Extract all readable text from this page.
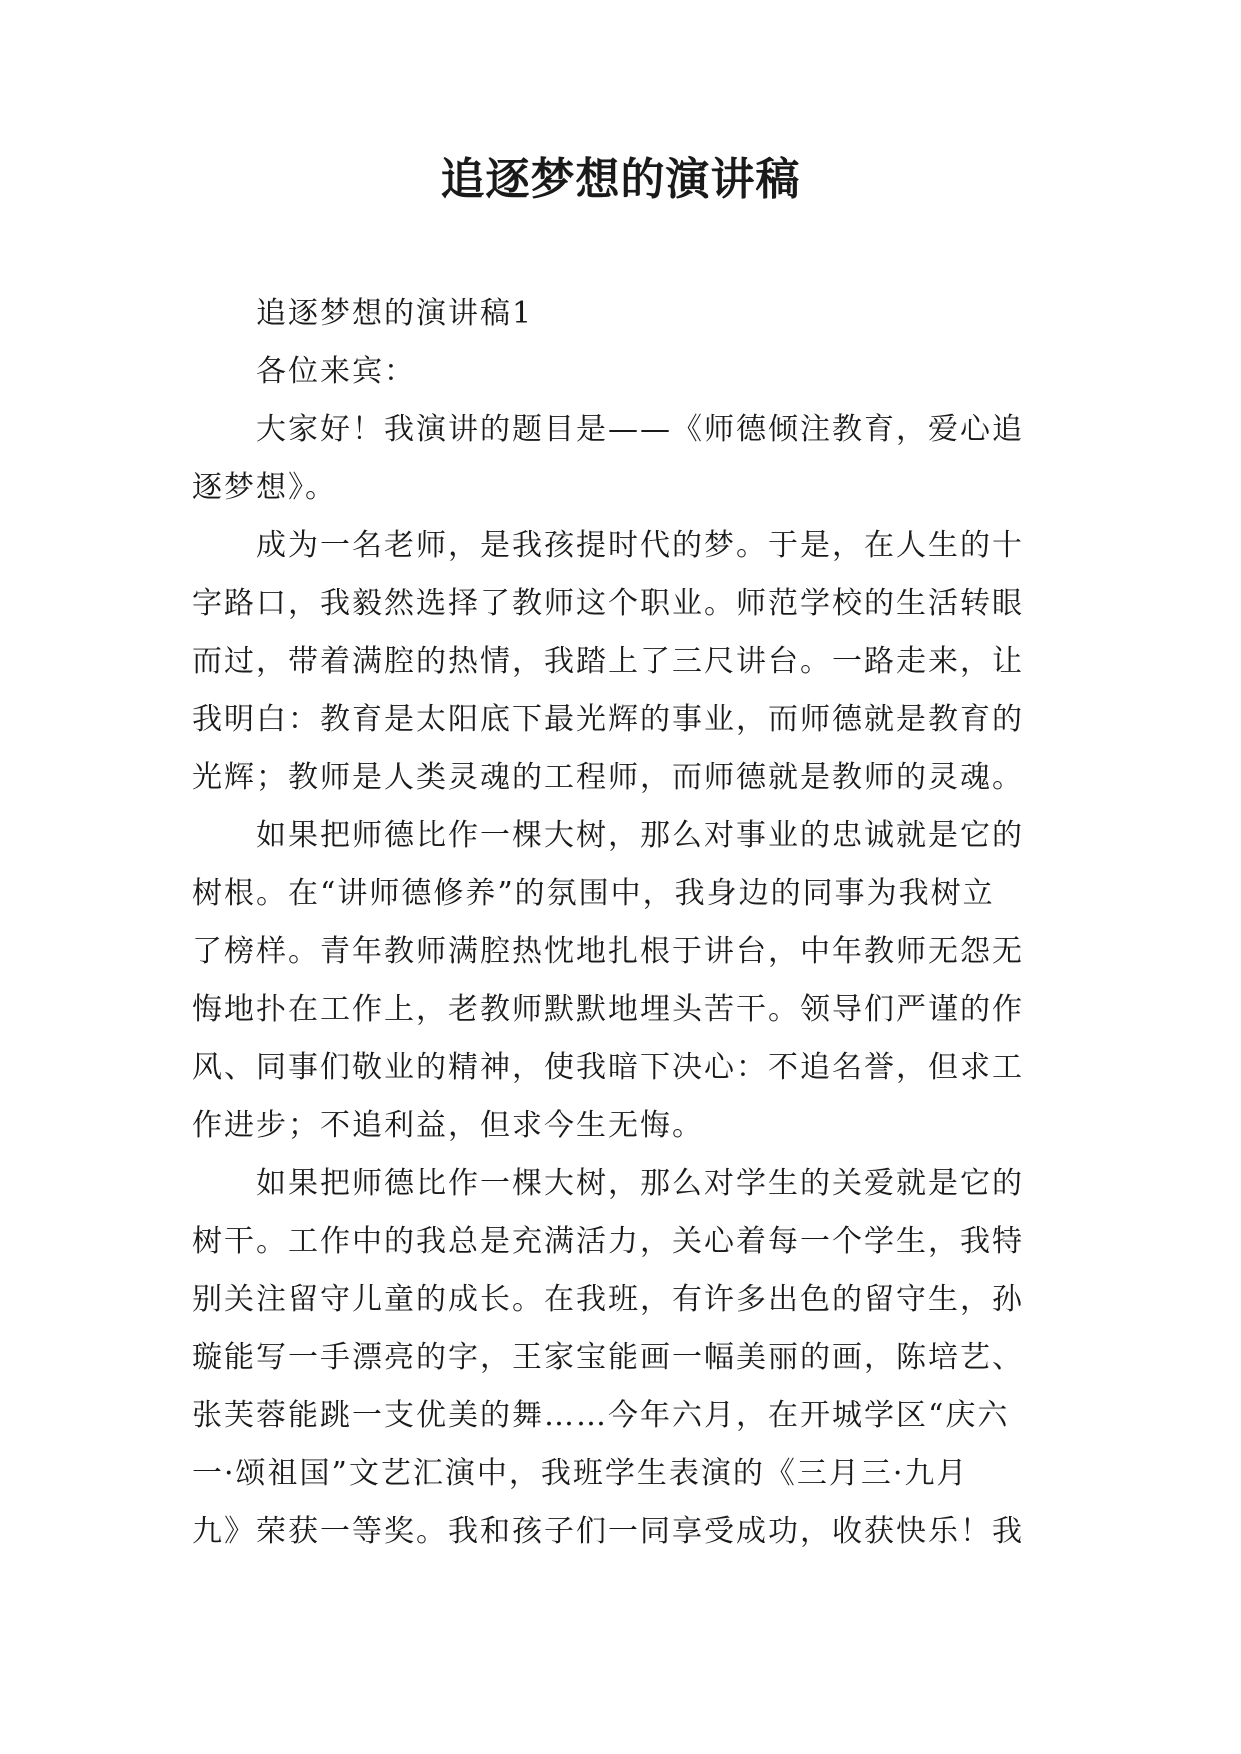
追逐梦想的演讲稿
追逐梦想的演讲稿1
各位来宾：
大家好！我演讲的题目是——《师德倾注教育，爱心追
逐梦想》。
成为一名老师，是我孩提时代的梦。于是，在人生的十
字路口，我毅然选择了教师这个职业。师范学校的生活转眼
而过，带着满腔的热情，我踏上了三尺讲台。一路走来，让
我明白：教育是太阳底下最光辉的事业，而师德就是教育的
光辉；教师是人类灵魂的工程师，而师德就是教师的灵魂。
如果把师德比作一棵大树，那么对事业的忠诚就是它的
树根。在“讲师德修养”的氛围中，我身边的同事为我树立
了榜样。青年教师满腔热忱地扎根于讲台，中年教师无怨无
悔地扑在工作上，老教师默默地埋头苦干。领导们严谨的作
风、同事们敬业的精神，使我暗下决心：不追名誉，但求工
作进步；不追利益，但求今生无悔。
如果把师德比作一棵大树，那么对学生的关爱就是它的
树干。工作中的我总是充满活力，关心着每一个学生，我特
别关注留守儿童的成长。在我班，有许多出色的留守生，孙
璇能写一手漂亮的字，王家宝能画一幅美丽的画，陈培艺、
张芙蓉能跳一支优美的舞……今年六月，在开城学区“庆六
一·颂祖国”文艺汇演中，我班学生表演的《三月三·九月
九》荣获一等奖。我和孩子们一同享受成功，收获快乐！我
